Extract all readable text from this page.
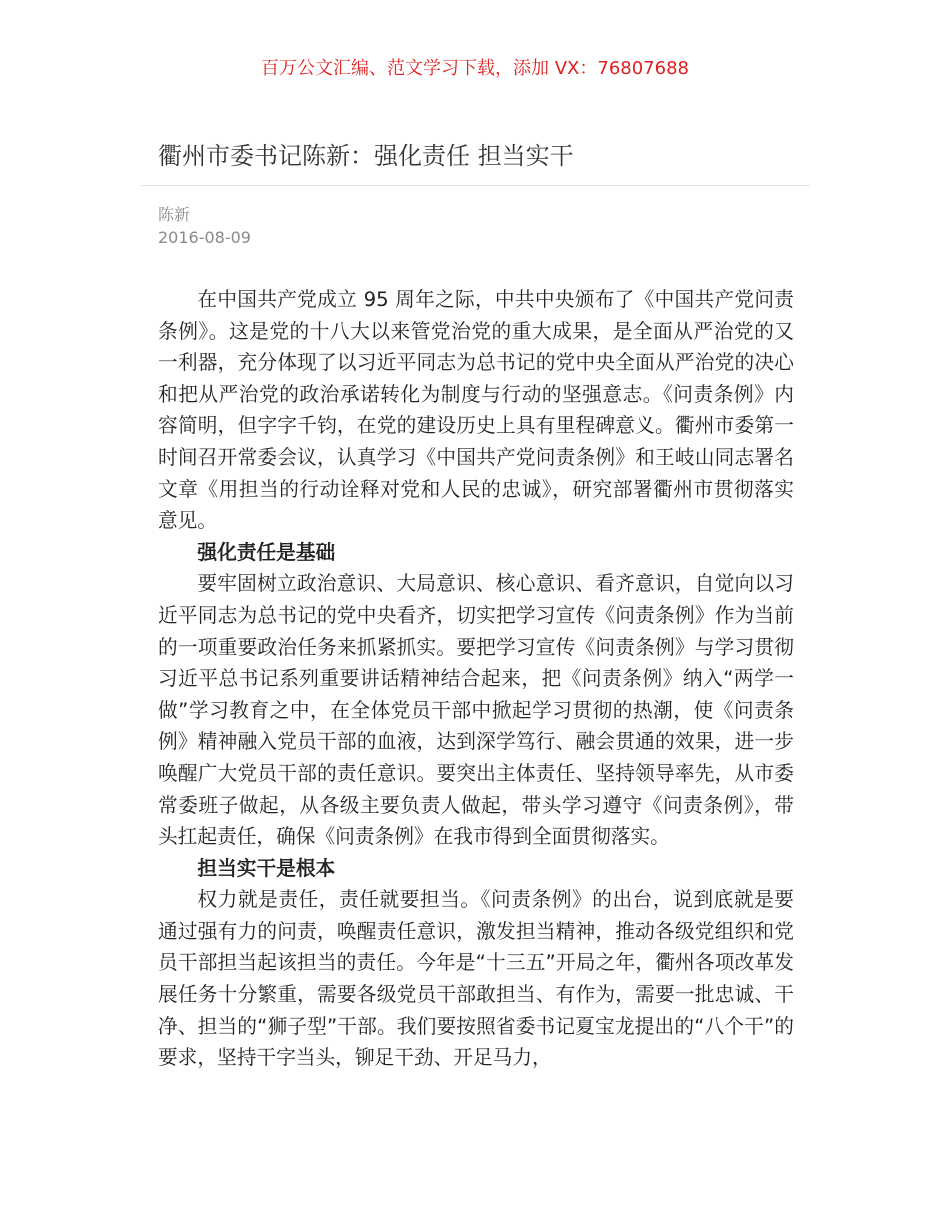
百万公文汇编、范文学习下载，添加 VX：76807688
衢州市委书记陈新：强化责任 担当实干
陈新
2016-08-09

在中国共产党成立 95 周年之际，中共中央颁布了《中国共产党问责条例》。这是党的十八大以来管党治党的重大成果，是全面从严治党的又一利器，充分体现了以习近平同志为总书记的党中央全面从严治党的决心和把从严治党的政治承诺转化为制度与行动的坚强意志。《问责条例》内容简明，但字字千钧，在党的建设历史上具有里程碑意义。衢州市委第一时间召开常委会议，认真学习《中国共产党问责条例》和王岐山同志署名文章《用担当的行动诠释对党和人民的忠诚》，研究部署衢州市贯彻落实意见。

强化责任是基础

要牢固树立政治意识、大局意识、核心意识、看齐意识，自觉向以习近平同志为总书记的党中央看齐，切实把学习宣传《问责条例》作为当前的一项重要政治任务来抓紧抓实。要把学习宣传《问责条例》与学习贯彻习近平总书记系列重要讲话精神结合起来，把《问责条例》纳入“两学一做”学习教育之中，在全体党员干部中掀起学习贯彻的热潮，使《问责条例》精神融入党员干部的血液，达到深学笃行、融会贯通的效果，进一步唤醒广大党员干部的责任意识。要突出主体责任、坚持领导率先，从市委常委班子做起，从各级主要负责人做起，带头学习遵守《问责条例》，带头扛起责任，确保《问责条例》在我市得到全面贯彻落实。

担当实干是根本

权力就是责任，责任就要担当。《问责条例》的出台，说到底就是要通过强有力的问责，唤醒责任意识，激发担当精神，推动各级党组织和党员干部担当起该担当的责任。今年是“十三五”开局之年，衢州各项改革发展任务十分繁重，需要各级党员干部敢担当、有作为，需要一批忠诚、干净、担当的“狮子型”干部。我们要按照省委书记夏宝龙提出的“八个干”的要求，坚持干字当头，铆足干劲、开足马力，
